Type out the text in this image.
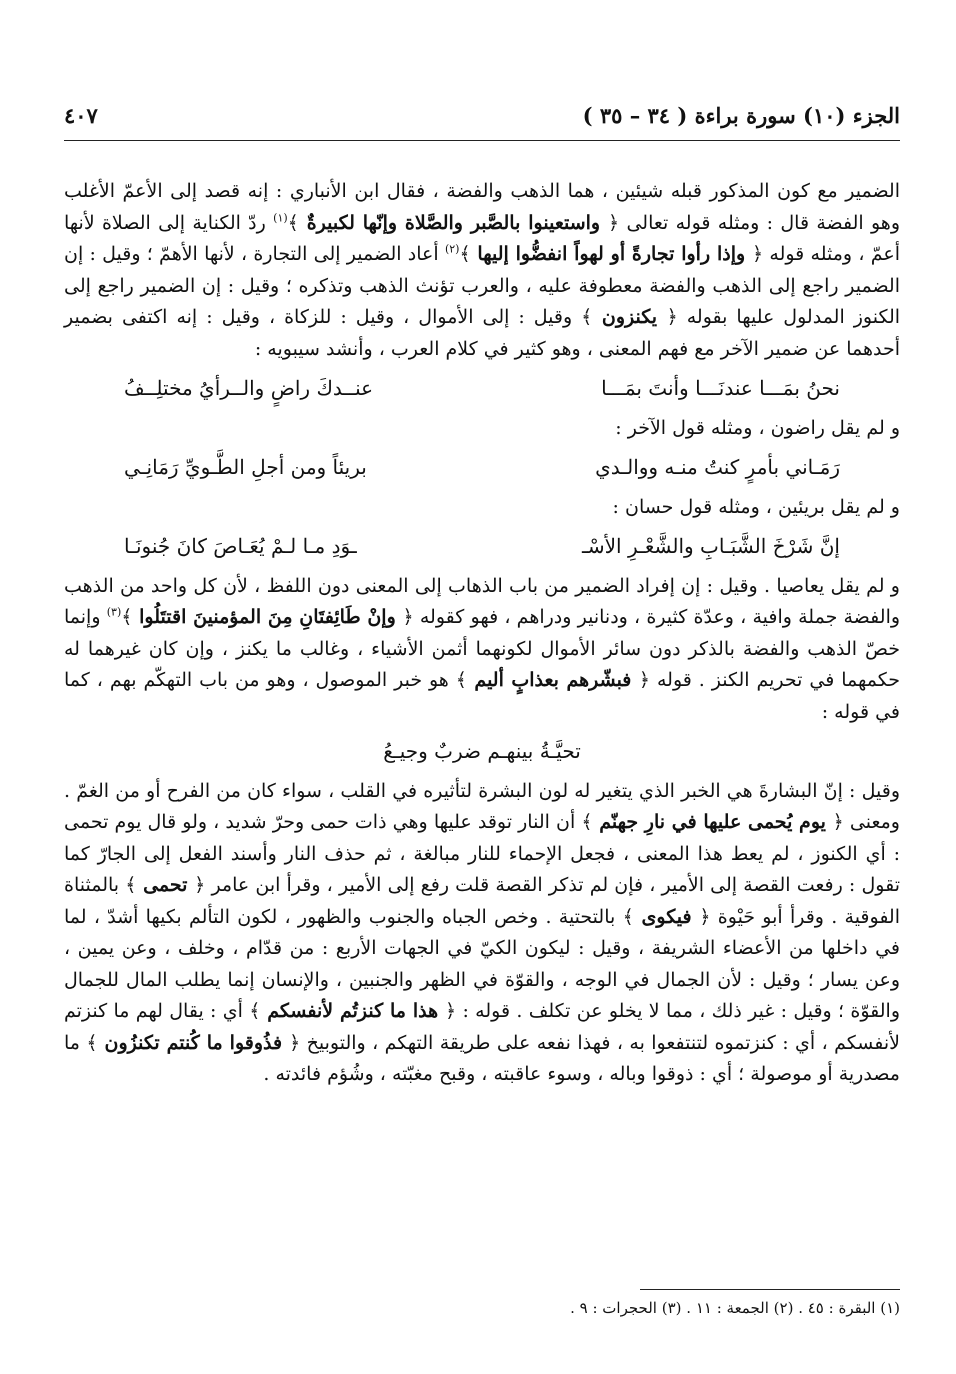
الجزء (١٠) سورة براءة ( ٣٤ – ٣٥ )
٤٠٧

الضمير مع كون المذكور قبله شيئين ، هما الذهب والفضة ، فقال ابن الأنباري : إنه قصد إلى الأعمّ الأغلب وهو الفضة قال : ومثله قوله تعالى ﴿ واستعينوا بالصَّبر والصَّلاة وإنّها لكبيرةٌ ﴾$^{(١)}$ ردّ الكناية إلى الصلاة لأنها أعمّ ، ومثله قوله ﴿ وإذا رأوا تجارةً أو لهواً انفضُّوا إليها ﴾$^{(٢)}$ أعاد الضمير إلى التجارة ، لأنها الأهمّ ؛ وقيل : إن الضمير راجع إلى الذهب والفضة معطوفة عليه ، والعرب تؤنث الذهب وتذكره ؛ وقيل : إن الضمير راجع إلى الكنوز المدلول عليها بقوله ﴿ يكنزون ﴾ وقيل : إلى الأموال ، وقيل : للزكاة ، وقيل : إنه اكتفى بضمير أحدهما عن ضمير الآخر مع فهم المعنى ، وهو كثير في كلام العرب ، وأنشد سيبويه :

نحنُ بمَـــا عندنَـــا وأنتَ بمَـــا
عنــدكَ راضٍ والــرأيُ مختلِــفُ

و لم يقل راضون ، ومثله قول الآخر :

رَمَـاني بأمرٍ كنتُ منـه ووالـدي
بريئاً ومن أجلِ الطَّـويِّ رَمَانِـي

و لم يقل بريئين ، ومثله قول حسان :

إنَّ شَرْخَ الشَّبَـابِ والشَّعْـرِ الأسْـ
ـوَدِ مـا لـمْ يُعَـاصَ كانَ جُنونَـا

و لم يقل يعاصيا . وقيل : إن إفراد الضمير من باب الذهاب إلى المعنى دون اللفظ ، لأن كل واحد من الذهب والفضة جملة وافية ، وعدّة كثيرة ، ودنانير ودراهم ، فهو كقوله ﴿ وإنْ طَائِفتَانِ مِنَ المؤمنينَ اقتتَلُوا ﴾$^{(٣)}$ وإنما خصّ الذهب والفضة بالذكر دون سائر الأموال لكونهما أثمن الأشياء ، وغالب ما يكنز ، وإن كان غيرهما له حكمهما في تحريم الكنز . قوله ﴿ فبشّرهم بعذابٍ أليم ﴾ هو خبر الموصول ، وهو من باب التهكّم بهم ، كما في قوله :

تحيَّـةُ بينهـم ضربٌ وجيـعُ

وقيل : إنّ البشارةَ هي الخبر الذي يتغير له لون البشرة لتأثيره في القلب ، سواء كان من الفرح أو من الغمّ . ومعنى ﴿ يوم يُحمى عليها في نارِ جهنّم ﴾ أن النار توقد عليها وهي ذات حمى وحرّ شديد ، ولو قال يوم تحمى : أي الكنوز ، لم يعط هذا المعنى ، فجعل الإحماء للنار مبالغة ، ثم حذف النار وأسند الفعل إلى الجارّ كما تقول : رفعت القصة إلى الأمير ، فإن لم تذكر القصة قلت رفع إلى الأمير ، وقرأ ابن عامر ﴿ تحمى ﴾ بالمثناة الفوقية . وقرأ أبو حَيْوة ﴿ فيكوى ﴾ بالتحتية . وخص الجباه والجنوب والظهور ، لكون التألم بكيها أشدّ ، لما في داخلها من الأعضاء الشريفة ، وقيل : ليكون الكيّ في الجهات الأربع : من قدّام ، وخلف ، وعن يمين ، وعن يسار ؛ وقيل : لأن الجمال في الوجه ، والقوّة في الظهر والجنبين ، والإنسان إنما يطلب المال للجمال والقوّة ؛ وقيل : غير ذلك ، مما لا يخلو عن تكلف . قوله : ﴿ هذا ما كنزتُم لأنفسكم ﴾ أي : يقال لهم ما كنزتم لأنفسكم ، أي : كنزتموه لتنتفعوا به ، فهذا نفعه على طريقة التهكم ، والتوبيخ ﴿ فذُوقوا ما كُنتم تكنزُون ﴾ ما مصدرية أو موصولة ؛ أي : ذوقوا وباله ، وسوء عاقبته ، وقبح مغبّته ، وشُؤم فائدته .

(١) البقرة : ٤٥ . (٢) الجمعة : ١١ . (٣) الحجرات : ٩ .
